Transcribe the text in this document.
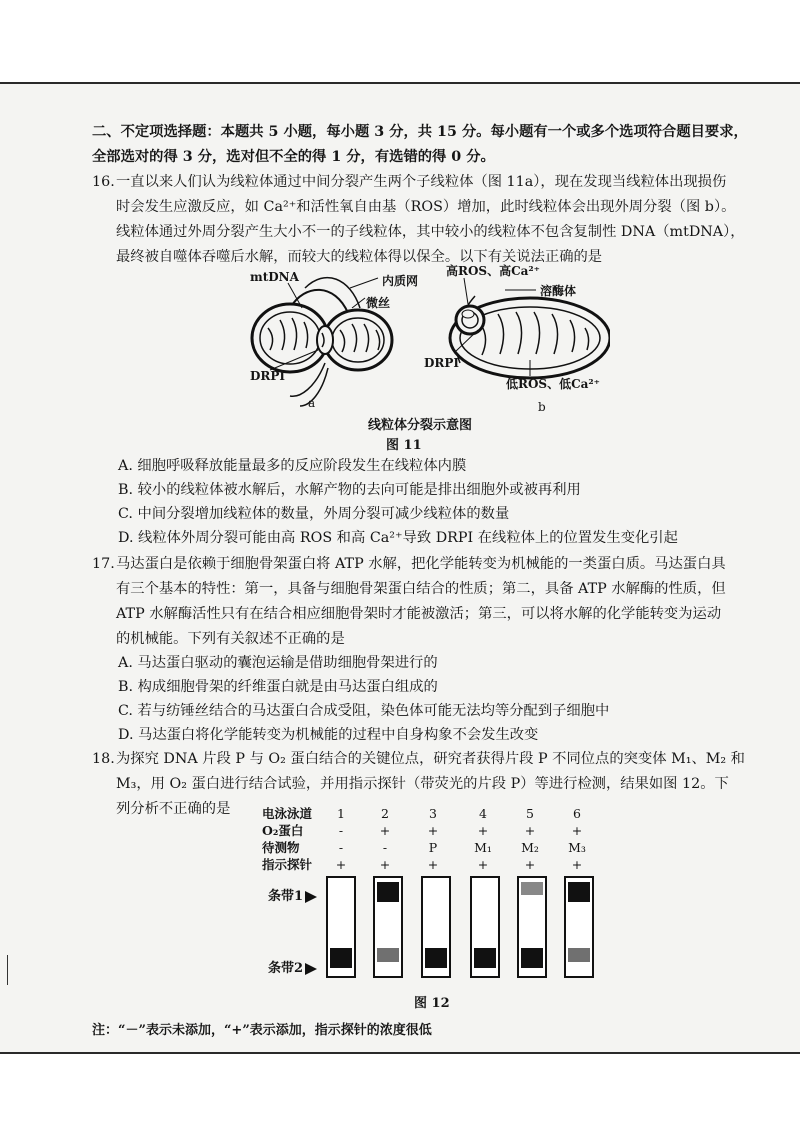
二、不定项选择题：本题共 5 小题，每小题 3 分，共 15 分。每小题有一个或多个选项符合题目要求，
全部选对的得 3 分，选对但不全的得 1 分，有选错的得 0 分。
16. 一直以来人们认为线粒体通过中间分裂产生两个子线粒体（图 11a），现在发现当线粒体出现损伤
时会发生应激反应，如 Ca²⁺和活性氧自由基（ROS）增加，此时线粒体会出现外周分裂（图 b）。
线粒体通过外周分裂产生大小不一的子线粒体，其中较小的线粒体不包含复制性 DNA（mtDNA），
最终被自噬体吞噬后水解，而较大的线粒体得以保全。以下有关说法正确的是
mtDNA	内质网
微丝
DRPI
a
高ROS、高Ca²⁺
溶酶体
DRPI
低ROS、低Ca²⁺
b
线粒体分裂示意图
图 11
A. 细胞呼吸释放能量最多的反应阶段发生在线粒体内膜
B. 较小的线粒体被水解后，水解产物的去向可能是排出细胞外或被再利用
C. 中间分裂增加线粒体的数量，外周分裂可减少线粒体的数量
D. 线粒体外周分裂可能由高 ROS 和高 Ca²⁺导致 DRPI 在线粒体上的位置发生变化引起
17. 马达蛋白是依赖于细胞骨架蛋白将 ATP 水解，把化学能转变为机械能的一类蛋白质。马达蛋白具
有三个基本的特性：第一，具备与细胞骨架蛋白结合的性质；第二，具备 ATP 水解酶的性质，但
ATP 水解酶活性只有在结合相应细胞骨架时才能被激活；第三，可以将水解的化学能转变为运动
的机械能。下列有关叙述不正确的是
A. 马达蛋白驱动的囊泡运输是借助细胞骨架进行的
B. 构成细胞骨架的纤维蛋白就是由马达蛋白组成的
C. 若与纺锤丝结合的马达蛋白合成受阻，染色体可能无法均等分配到子细胞中
D. 马达蛋白将化学能转变为机械能的过程中自身构象不会发生改变
18. 为探究 DNA 片段 P 与 O₂ 蛋白结合的关键位点，研究者获得片段 P 不同位点的突变体 M₁、M₂ 和
M₃，用 O₂ 蛋白进行结合试验，并用指示探针（带荧光的片段 P）等进行检测，结果如图 12。下
列分析不正确的是	电泳泳道
O₂蛋白
待测物
指示探针
1
-
-
+
2
+
-
+
3
+
P
+
4
+
M₁
+
5
+
M₂
+
6
+
M₃
+
条带1
条带2
图 12
注：“－”表示未添加，“+”表示添加，指示探针的浓度很低
